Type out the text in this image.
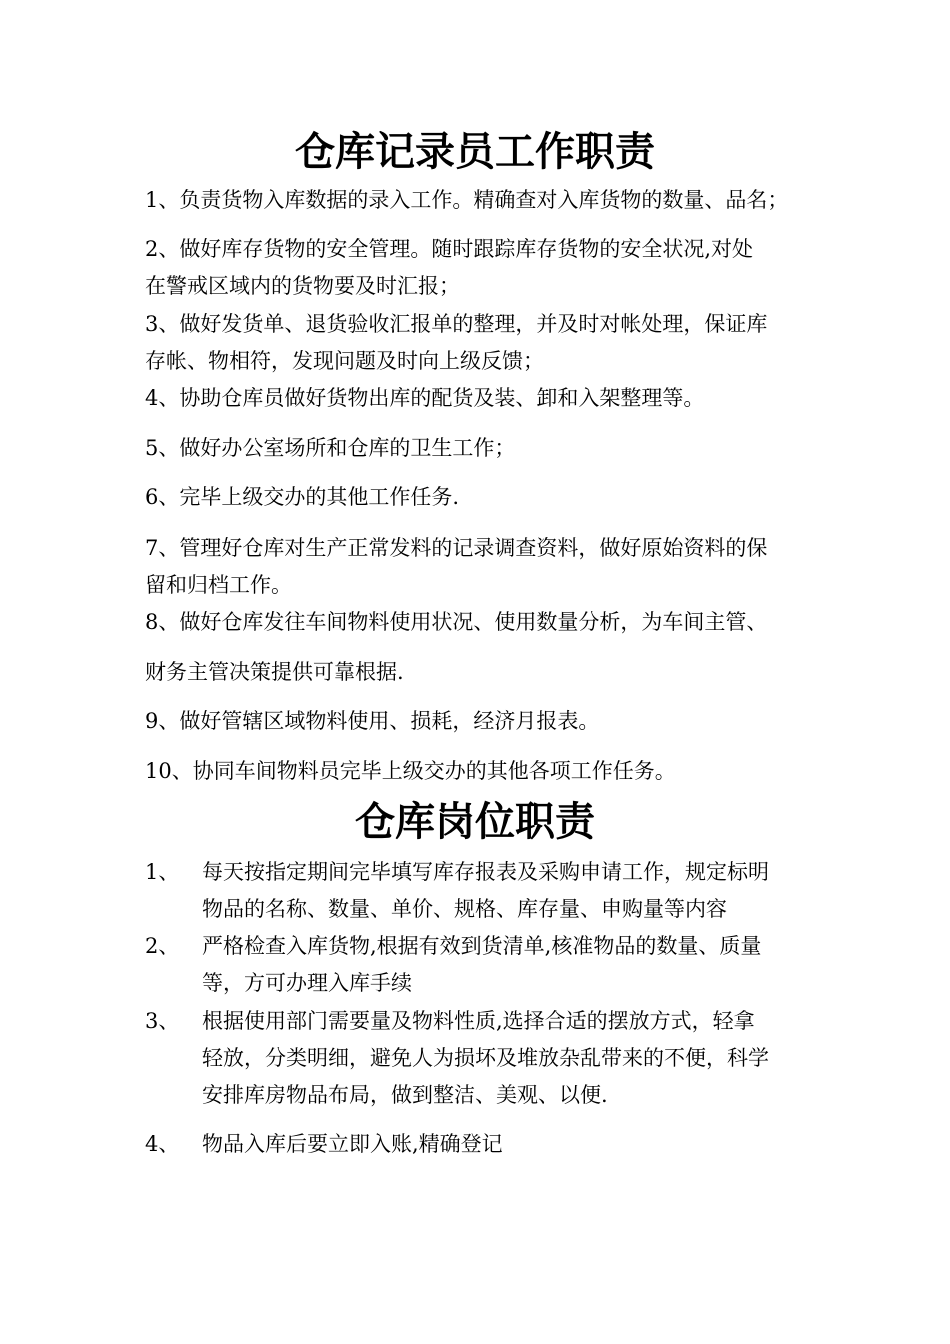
仓库记录员工作职责
1、负责货物入库数据的录入工作。精确查对入库货物的数量、品名；
2、做好库存货物的安全管理。随时跟踪库存货物的安全状况,对处
在警戒区域内的货物要及时汇报；
3、做好发货单、退货验收汇报单的整理，并及时对帐处理，保证库
存帐、物相符，发现问题及时向上级反馈；
4、协助仓库员做好货物出库的配货及装、卸和入架整理等。
5、做好办公室场所和仓库的卫生工作；
6、完毕上级交办的其他工作任务.
7、管理好仓库对生产正常发料的记录调查资料，做好原始资料的保
留和归档工作。
8、做好仓库发往车间物料使用状况、使用数量分析，为车间主管、
财务主管决策提供可靠根据.
9、做好管辖区域物料使用、损耗，经济月报表。
10、协同车间物料员完毕上级交办的其他各项工作任务。
仓库岗位职责
1、 每天按指定期间完毕填写库存报表及采购申请工作，规定标明
物品的名称、数量、单价、规格、库存量、申购量等内容
2、 严格检查入库货物,根据有效到货清单,核准物品的数量、质量
等，方可办理入库手续
3、 根据使用部门需要量及物料性质,选择合适的摆放方式，轻拿
轻放，分类明细，避免人为损坏及堆放杂乱带来的不便，科学
安排库房物品布局，做到整洁、美观、以便.
4、 物品入库后要立即入账,精确登记
